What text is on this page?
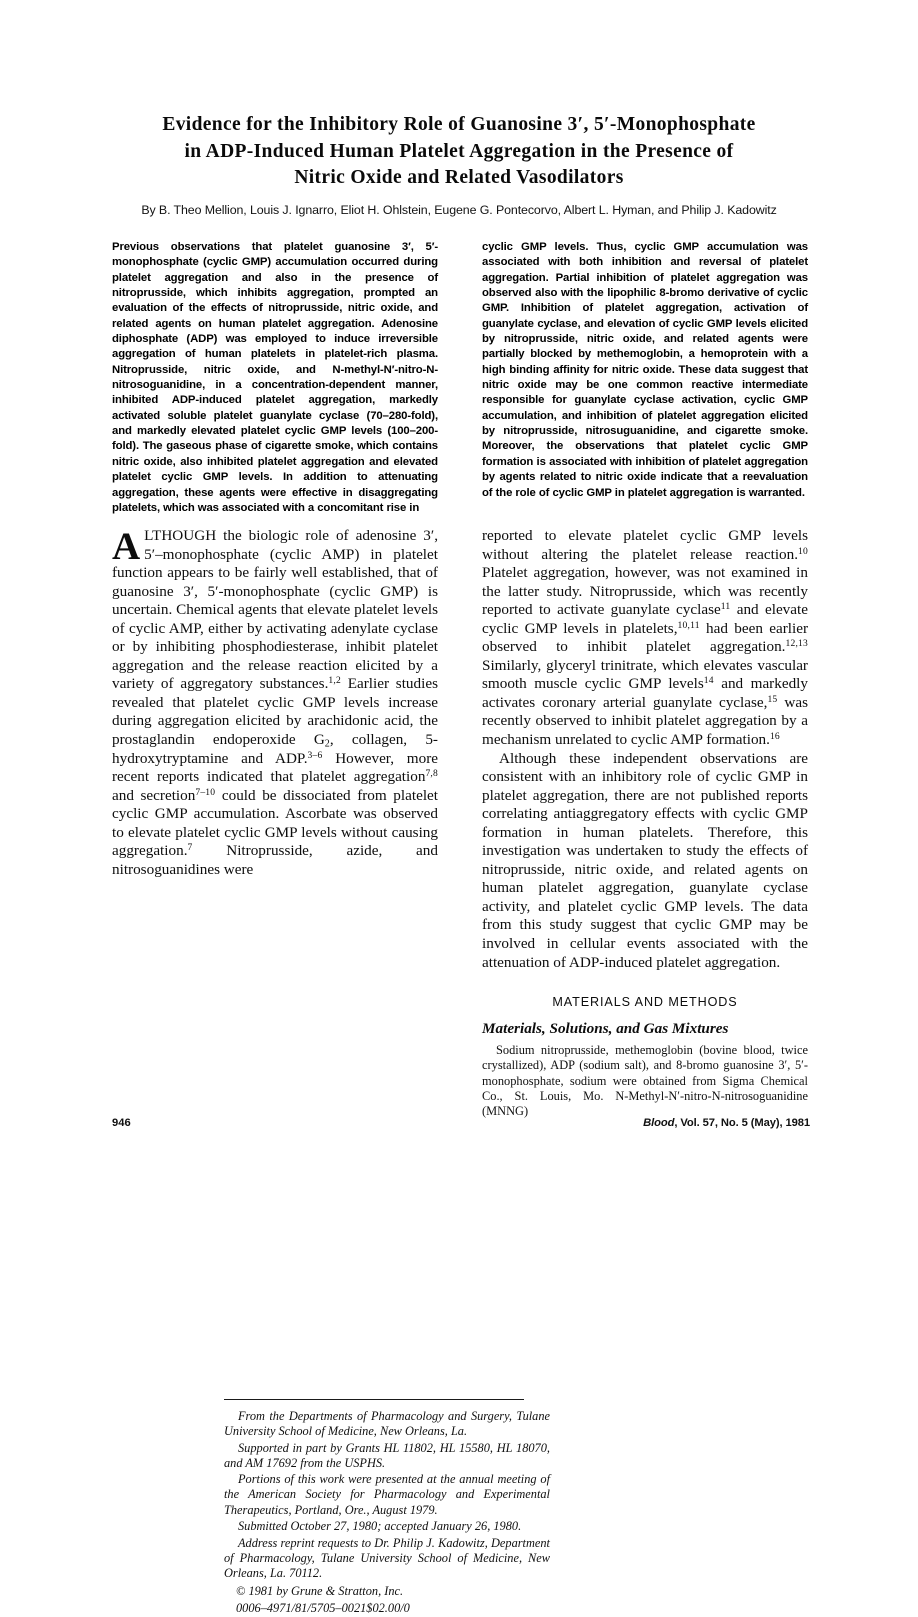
Evidence for the Inhibitory Role of Guanosine 3′, 5′-Monophosphate
in ADP-Induced Human Platelet Aggregation in the Presence of
Nitric Oxide and Related Vasodilators
By B. Theo Mellion, Louis J. Ignarro, Eliot H. Ohlstein, Eugene G. Pontecorvo, Albert L. Hyman, and Philip J. Kadowitz
Previous observations that platelet guanosine 3′, 5′-monophosphate (cyclic GMP) accumulation occurred during platelet aggregation and also in the presence of nitroprusside, which inhibits aggregation, prompted an evaluation of the effects of nitroprusside, nitric oxide, and related agents on human platelet aggregation. Adenosine diphosphate (ADP) was employed to induce irreversible aggregation of human platelets in platelet-rich plasma. Nitroprusside, nitric oxide, and N-methyl-N′-nitro-N-nitrosoguanidine, in a concentration-dependent manner, inhibited ADP-induced platelet aggregation, markedly activated soluble platelet guanylate cyclase (70–280-fold), and markedly elevated platelet cyclic GMP levels (100–200-fold). The gaseous phase of cigarette smoke, which contains nitric oxide, also inhibited platelet aggregation and elevated platelet cyclic GMP levels. In addition to attenuating aggregation, these agents were effective in disaggregating platelets, which was associated with a concomitant rise in
cyclic GMP levels. Thus, cyclic GMP accumulation was associated with both inhibition and reversal of platelet aggregation. Partial inhibition of platelet aggregation was observed also with the lipophilic 8-bromo derivative of cyclic GMP. Inhibition of platelet aggregation, activation of guanylate cyclase, and elevation of cyclic GMP levels elicited by nitroprusside, nitric oxide, and related agents were partially blocked by methemoglobin, a hemoprotein with a high binding affinity for nitric oxide. These data suggest that nitric oxide may be one common reactive intermediate responsible for guanylate cyclase activation, cyclic GMP accumulation, and inhibition of platelet aggregation elicited by nitroprusside, nitrosuguanidine, and cigarette smoke. Moreover, the observations that platelet cyclic GMP formation is associated with inhibition of platelet aggregation by agents related to nitric oxide indicate that a reevaluation of the role of cyclic GMP in platelet aggregation is warranted.

ALTHOUGH the biologic role of adenosine 3′, 5′–monophosphate (cyclic AMP) in platelet function appears to be fairly well established, that of guanosine 3′, 5′-monophosphate (cyclic GMP) is uncertain. Chemical agents that elevate platelet levels of cyclic AMP, either by activating adenylate cyclase or by inhibiting phosphodiesterase, inhibit platelet aggregation and the release reaction elicited by a variety of aggregatory substances.$^{1,2}$ Earlier studies revealed that platelet cyclic GMP levels increase during aggregation elicited by arachidonic acid, the prostaglandin endoperoxide G2, collagen, 5-hydroxytryptamine and ADP.$^{3-6}$ However, more recent reports indicated that platelet aggregation$^{7,8}$ and secretion$^{7-10}$ could be dissociated from platelet cyclic GMP accumulation. Ascorbate was observed to elevate platelet cyclic GMP levels without causing aggregation.$^7$ Nitroprusside, azide, and nitrosoguanidines were

From the Departments of Pharmacology and Surgery, Tulane University School of Medicine, New Orleans, La.

Supported in part by Grants HL 11802, HL 15580, HL 18070, and AM 17692 from the USPHS.

Portions of this work were presented at the annual meeting of the American Society for Pharmacology and Experimental Therapeutics, Portland, Ore., August 1979.

Submitted October 27, 1980; accepted January 26, 1980.

Address reprint requests to Dr. Philip J. Kadowitz, Department of Pharmacology, Tulane University School of Medicine, New Orleans, La. 70112.

© 1981 by Grune & Stratton, Inc.

0006–4971/81/5705–0021$02.00/0

reported to elevate platelet cyclic GMP levels without altering the platelet release reaction.$^{10}$ Platelet aggregation, however, was not examined in the latter study. Nitroprusside, which was recently reported to activate guanylate cyclase$^{11}$ and elevate cyclic GMP levels in platelets,$^{10,11}$ had been earlier observed to inhibit platelet aggregation.$^{12,13}$ Similarly, glyceryl trinitrate, which elevates vascular smooth muscle cyclic GMP levels$^{14}$ and markedly activates coronary arterial guanylate cyclase,$^{15}$ was recently observed to inhibit platelet aggregation by a mechanism unrelated to cyclic AMP formation.$^{16}$

Although these independent observations are consistent with an inhibitory role of cyclic GMP in platelet aggregation, there are not published reports correlating antiaggregatory effects with cyclic GMP formation in human platelets. Therefore, this investigation was undertaken to study the effects of nitroprusside, nitric oxide, and related agents on human platelet aggregation, guanylate cyclase activity, and platelet cyclic GMP levels. The data from this study suggest that cyclic GMP may be involved in cellular events associated with the attenuation of ADP-induced platelet aggregation.

MATERIALS AND METHODS
Materials, Solutions, and Gas Mixtures

Sodium nitroprusside, methemoglobin (bovine blood, twice crystallized), ADP (sodium salt), and 8-bromo guanosine 3′, 5′-monophosphate, sodium were obtained from Sigma Chemical Co., St. Louis, Mo. N-Methyl-N′-nitro-N-nitrosoguanidine (MNNG)

946	Blood, Vol. 57, No. 5 (May), 1981
